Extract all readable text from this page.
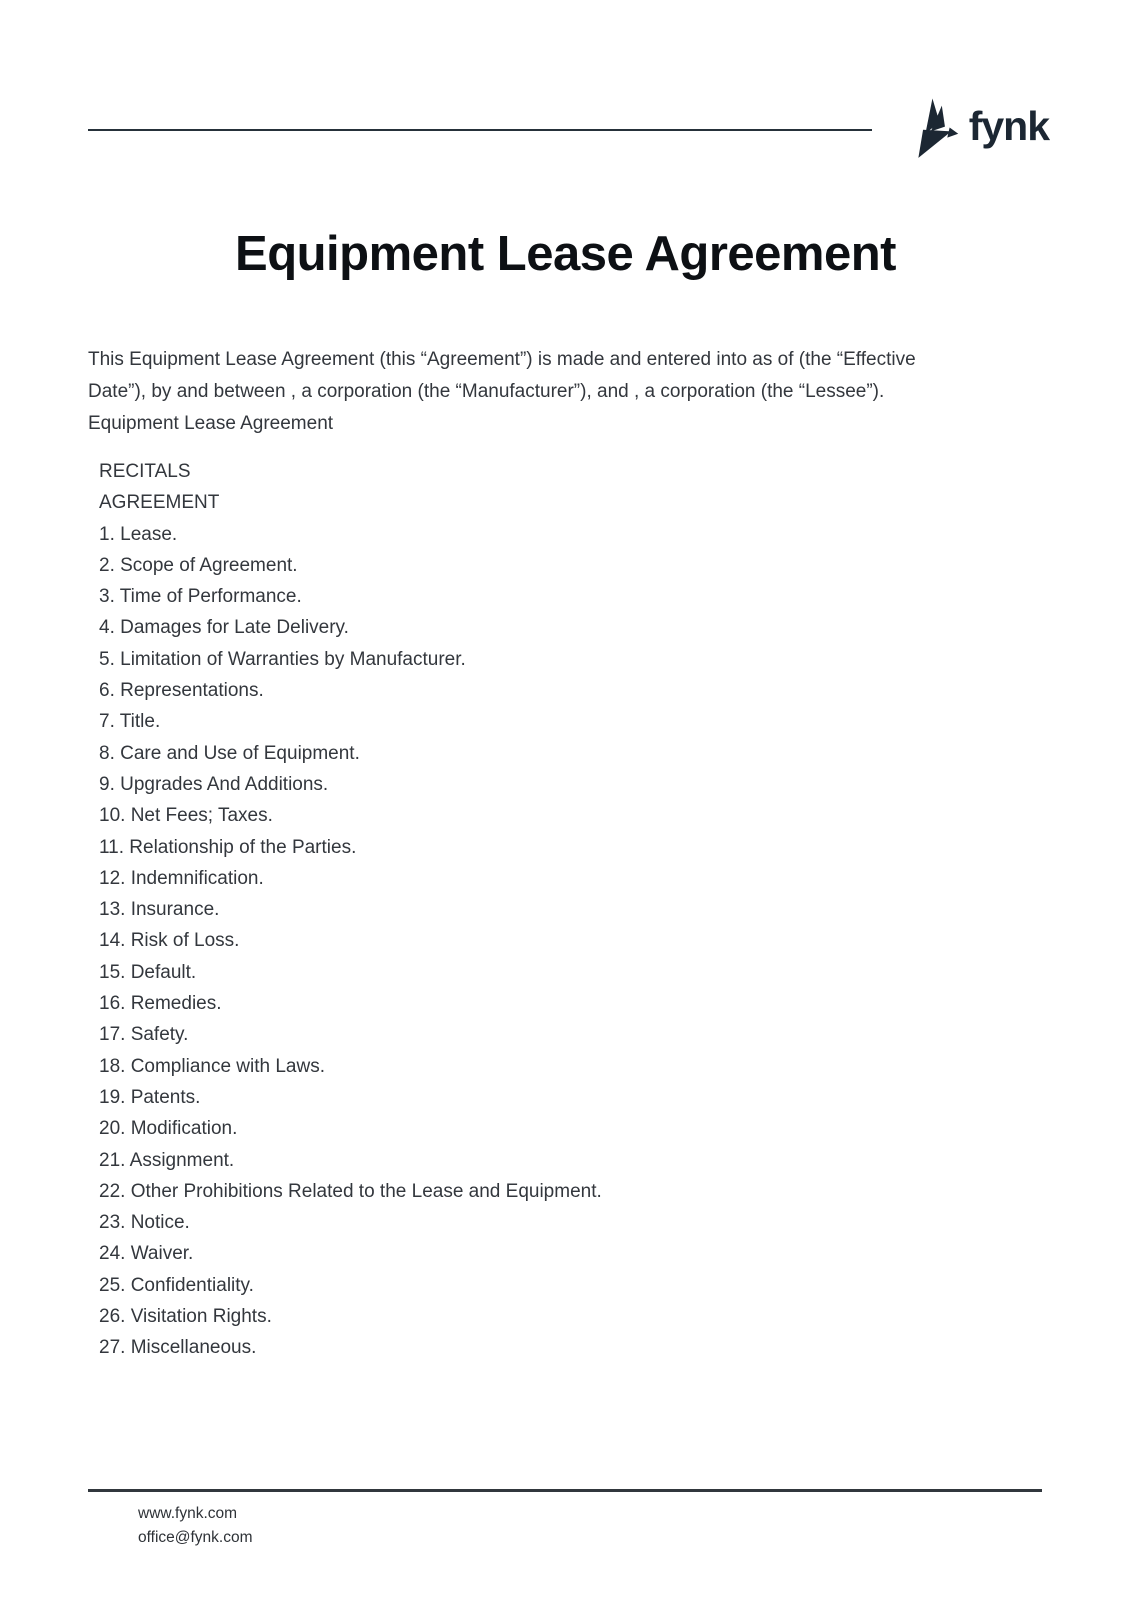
fynk
Equipment Lease Agreement
This Equipment Lease Agreement (this “Agreement”) is made and entered into as of (the “Effective
Date”), by and between , a corporation (the “Manufacturer”), and , a corporation (the “Lessee”).
Equipment Lease Agreement
RECITALS
AGREEMENT
1. Lease.
2. Scope of Agreement.
3. Time of Performance.
4. Damages for Late Delivery.
5. Limitation of Warranties by Manufacturer.
6. Representations.
7. Title.
8. Care and Use of Equipment.
9. Upgrades And Additions.
10. Net Fees; Taxes.
11. Relationship of the Parties.
12. Indemnification.
13. Insurance.
14. Risk of Loss.
15. Default.
16. Remedies.
17. Safety.
18. Compliance with Laws.
19. Patents.
20. Modification.
21. Assignment.
22. Other Prohibitions Related to the Lease and Equipment.
23. Notice.
24. Waiver.
25. Confidentiality.
26. Visitation Rights.
27. Miscellaneous.
www.fynk.com
office@fynk.com
